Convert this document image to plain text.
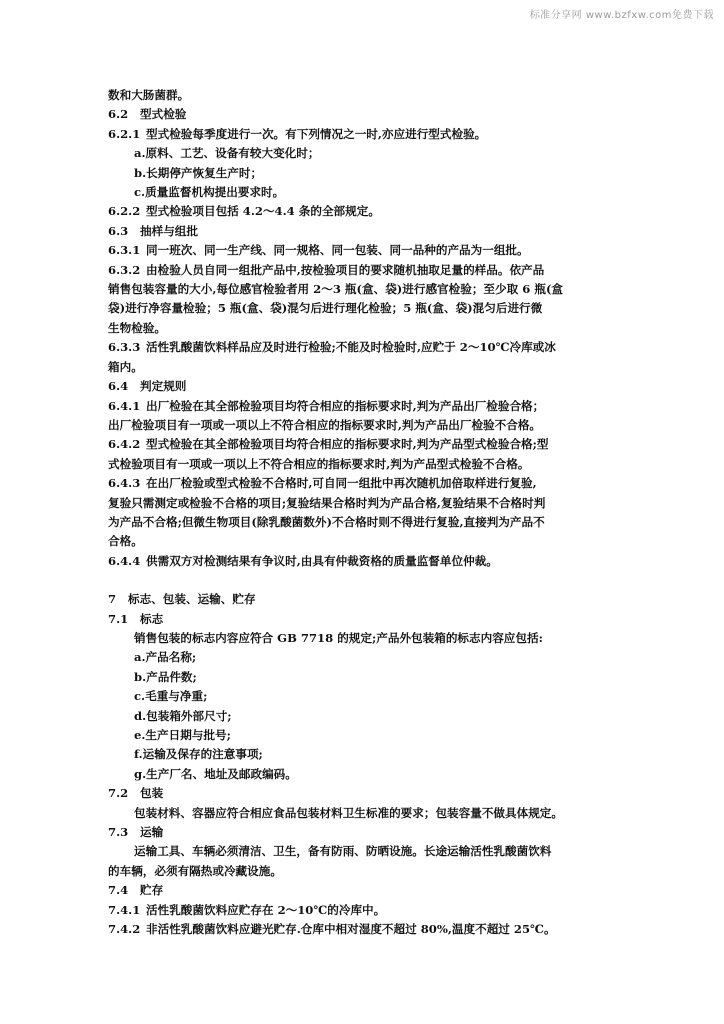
标准分享网 www.bzfxw.com免费下载
数和大肠菌群。
6.2 型式检验
6.2.1 型式检验每季度进行一次。有下列情况之一时,亦应进行型式检验。
a.原料、工艺、设备有较大变化时；
b.长期停产恢复生产时；
c.质量监督机构提出要求时。
6.2.2 型式检验项目包括 4.2～4.4 条的全部规定。
6.3 抽样与组批
6.3.1 同一班次、同一生产线、同一规格、同一包装、同一品种的产品为一组批。
6.3.2 由检验人员自同一组批产品中,按检验项目的要求随机抽取足量的样品。依产品
销售包装容量的大小,每位感官检验者用 2～3 瓶(盒、袋)进行感官检验；至少取 6 瓶(盒
袋)进行净容量检验；5 瓶(盒、袋)混匀后进行理化检验；5 瓶(盒、袋)混匀后进行微
生物检验。
6.3.3 活性乳酸菌饮料样品应及时进行检验;不能及时检验时,应贮于 2～10℃冷库或冰
箱内。
6.4 判定规则
6.4.1 出厂检验在其全部检验项目均符合相应的指标要求时,判为产品出厂检验合格；
出厂检验项目有一项或一项以上不符合相应的指标要求时,判为产品出厂检验不合格。
6.4.2 型式检验在其全部检验项目均符合相应的指标要求时,判为产品型式检验合格;型
式检验项目有一项或一项以上不符合相应的指标要求时,判为产品型式检验不合格。
6.4.3 在出厂检验或型式检验不合格时,可自同一组批中再次随机加倍取样进行复验,
复验只需测定或检验不合格的项目;复验结果合格时判为产品合格,复验结果不合格时判
为产品不合格;但微生物项目(除乳酸菌数外)不合格时则不得进行复验,直接判为产品不
合格。
6.4.4 供需双方对检测结果有争议时,由具有仲裁资格的质量监督单位仲裁。
7 标志、包装、运输、贮存
7.1 标志
销售包装的标志内容应符合 GB 7718 的规定;产品外包装箱的标志内容应包括:
a.产品名称;
b.产品件数;
c.毛重与净重;
d.包装箱外部尺寸;
e.生产日期与批号;
f.运输及保存的注意事项;
g.生产厂名、地址及邮政编码。
7.2 包装
包装材料、容器应符合相应食品包装材料卫生标准的要求；包装容量不做具体规定。
7.3 运输
运输工具、车辆必须清洁、卫生，备有防雨、防晒设施。长途运输活性乳酸菌饮料
的车辆，必须有隔热或冷藏设施。
7.4 贮存
7.4.1 活性乳酸菌饮料应贮存在 2～10℃的冷库中。
7.4.2 非活性乳酸菌饮料应避光贮存.仓库中相对湿度不超过 80%,温度不超过 25℃。
